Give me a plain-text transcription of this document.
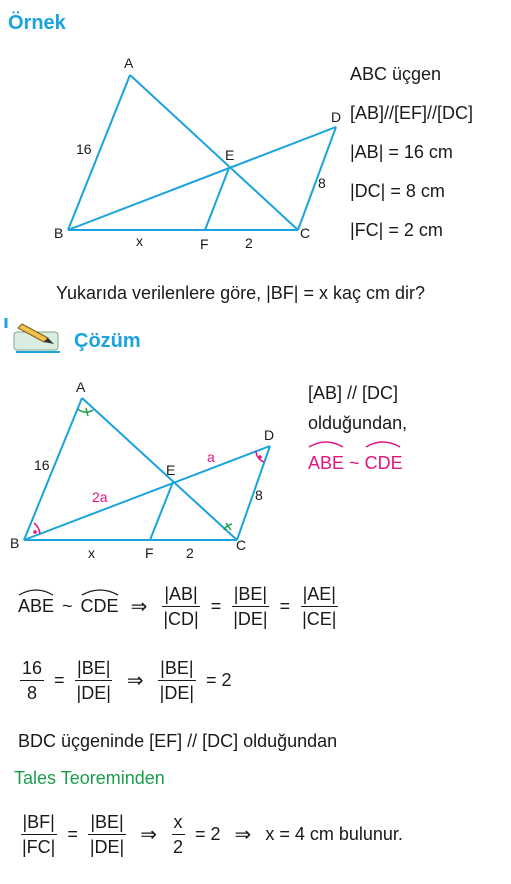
Örnek
A
B	C
D
E
F
16
8
x	2
ABC üçgen
[AB]//[EF]//[DC]
|AB| = 16 cm
|DC| = 8 cm
|FC| = 2 cm
Yukarıda verilenlere göre, |BF| = x kaç cm dir?
Çözüm
A
B	C
D
E
F
16
8
x	2
a
2a
[AB] // [DC]
olduğundan,
ABE ~ CDE
ABE ~ CDE ⇒ $\frac{|AB|}{|CD|} = \frac{|BE|}{|DE|} = \frac{|AE|}{|CE|}$
$\frac{16}{8} = \frac{|BE|}{|DE|}$ ⇒ $\frac{|BE|}{|DE|} = 2$
BDC üçgeninde [EF] // [DC] olduğundan
Tales Teoreminden
$\frac{|BF|}{|FC|} = \frac{|BE|}{|DE|}$ ⇒ $\frac{x}{2} = 2$ ⇒ x = 4 cm bulunur.
